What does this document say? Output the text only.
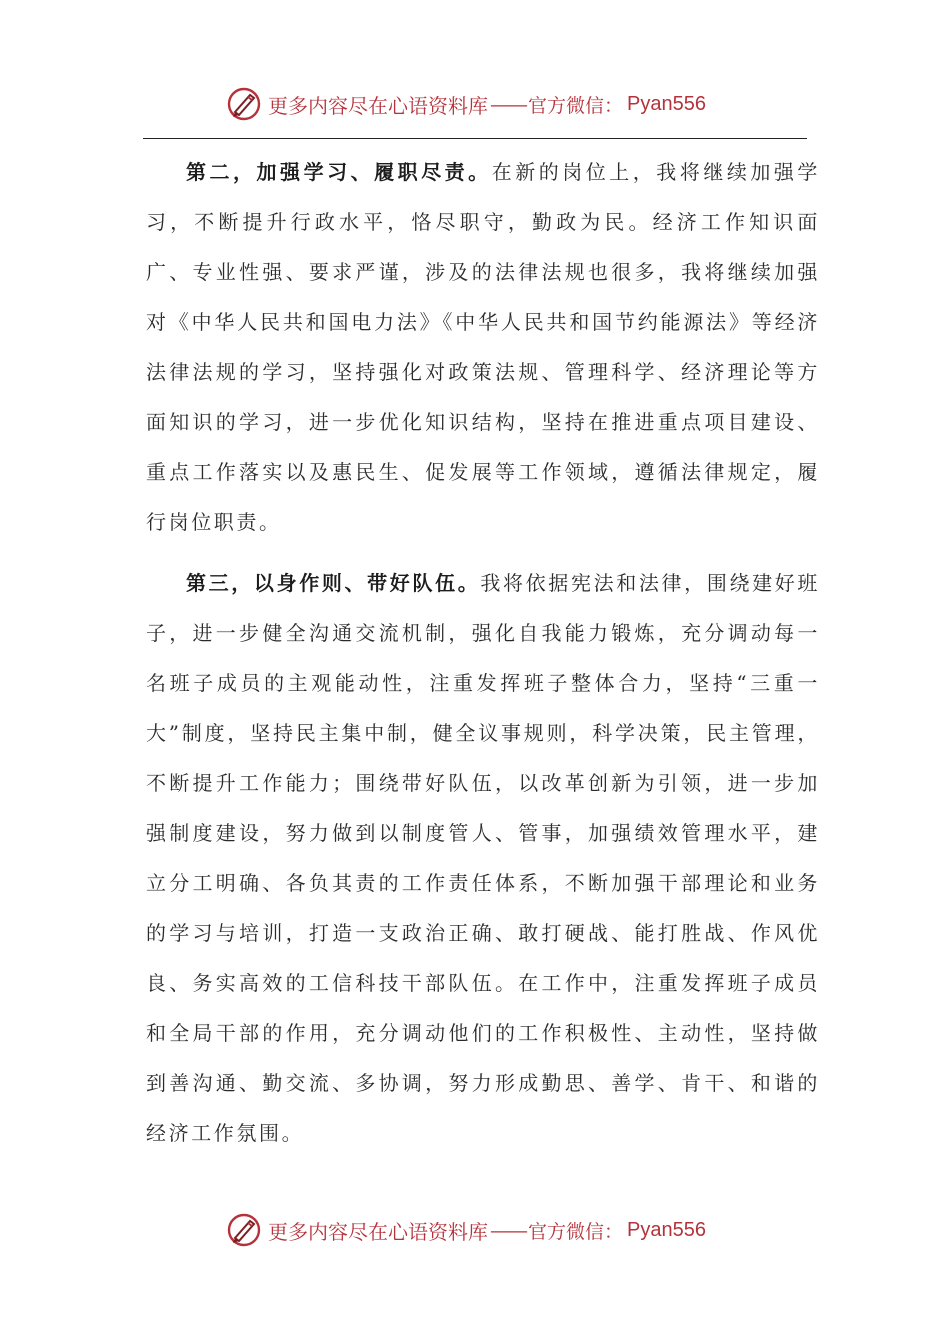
更多内容尽在心语资料库 —— 官方微信： Pyan556

第二，加强学习、履职尽责。在新的岗位上，我将继续加强学习，不断提升行政水平，恪尽职守，勤政为民。经济工作知识面广、专业性强、要求严谨，涉及的法律法规也很多，我将继续加强对《中华人民共和国电力法》《中华人民共和国节约能源法》等经济法律法规的学习，坚持强化对政策法规、管理科学、经济理论等方面知识的学习，进一步优化知识结构，坚持在推进重点项目建设、重点工作落实以及惠民生、促发展等工作领域，遵循法律规定，履行岗位职责。

第三，以身作则、带好队伍。我将依据宪法和法律，围绕建好班子，进一步健全沟通交流机制，强化自我能力锻炼，充分调动每一名班子成员的主观能动性，注重发挥班子整体合力，坚持“三重一大”制度，坚持民主集中制，健全议事规则，科学决策，民主管理，不断提升工作能力；围绕带好队伍，以改革创新为引领，进一步加强制度建设，努力做到以制度管人、管事，加强绩效管理水平，建立分工明确、各负其责的工作责任体系，不断加强干部理论和业务的学习与培训，打造一支政治正确、敢打硬战、能打胜战、作风优良、务实高效的工信科技干部队伍。在工作中，注重发挥班子成员和全局干部的作用，充分调动他们的工作积极性、主动性，坚持做到善沟通、勤交流、多协调，努力形成勤思、善学、肯干、和谐的经济工作氛围。

更多内容尽在心语资料库 —— 官方微信： Pyan556
